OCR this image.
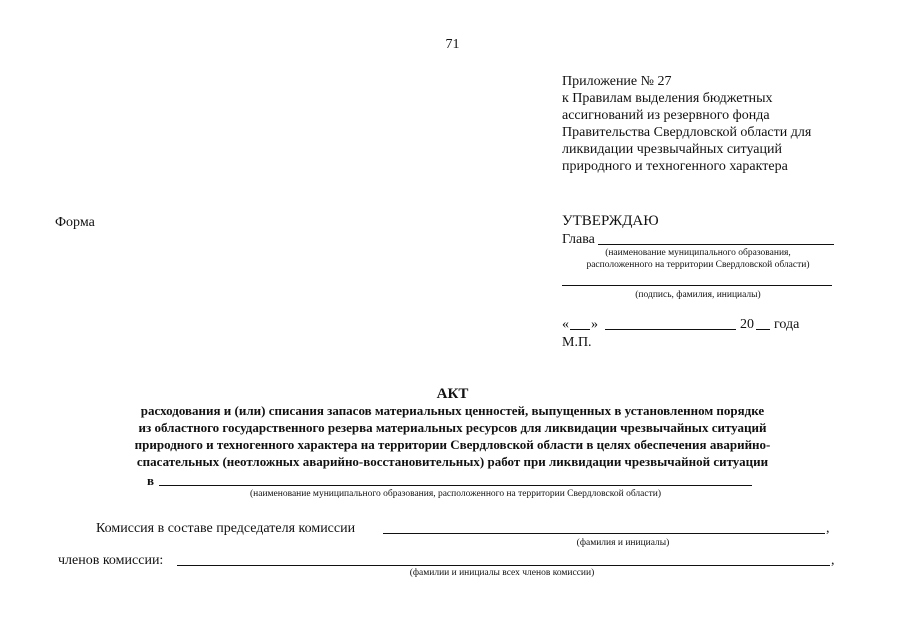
71
Приложение № 27
к Правилам выделения бюджетных
ассигнований из резервного фонда
Правительства Свердловской области для
ликвидации чрезвычайных ситуаций
природного и техногенного характера
Форма	УТВЕРЖДАЮ
Глава
(наименование муниципального образования,
расположенного на территории Свердловской области)
(подпись, фамилия, инициалы)
« »	20 года
М.П.
АКТ
расходования и (или) списания запасов материальных ценностей, выпущенных в установленном порядке
из областного государственного резерва материальных ресурсов для ликвидации чрезвычайных ситуаций
природного и техногенного характера на территории Свердловской области в целях обеспечения аварийно-
спасательных (неотложных аварийно-восстановительных) работ при ликвидации чрезвычайной ситуации
в
(наименование муниципального образования, расположенного на территории Свердловской области)
Комиссия в составе председателя комиссии	,
(фамилия и инициалы)
членов комиссии:	,
(фамилии и инициалы всех членов комиссии)
